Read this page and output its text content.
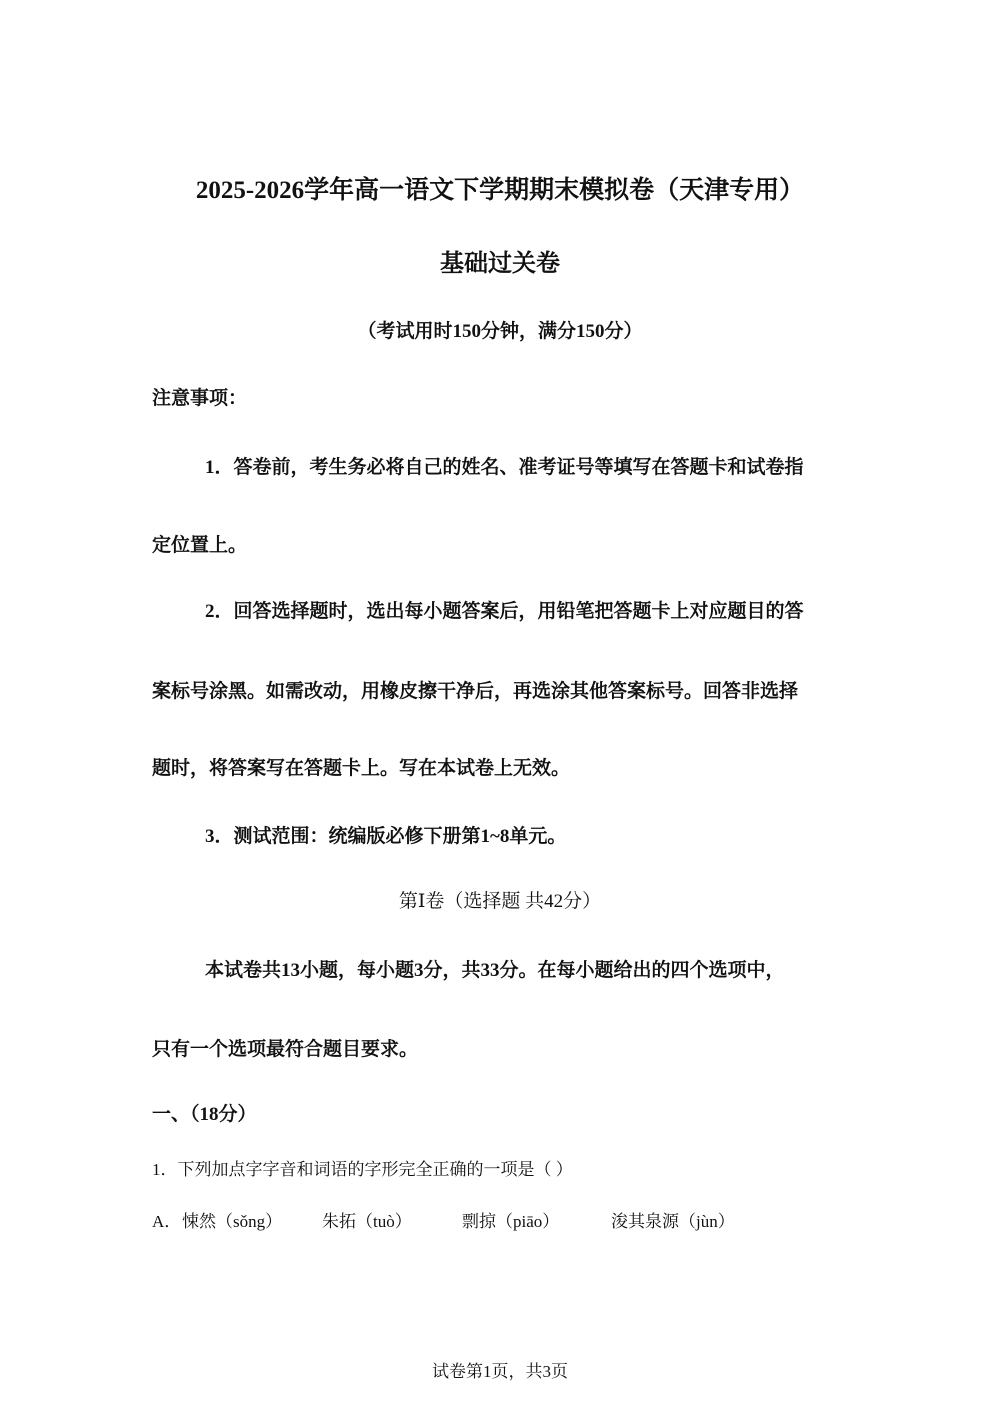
2025-2026学年高一语文下学期期末模拟卷（天津专用）
基础过关卷
（考试用时150分钟，满分150分）
注意事项：
1．答卷前，考生务必将自己的姓名、准考证号等填写在答题卡和试卷指
定位置上。
2．回答选择题时，选出每小题答案后，用铅笔把答题卡上对应题目的答
案标号涂黑。如需改动，用橡皮擦干净后，再选涂其他答案标号。回答非选择
题时，将答案写在答题卡上。写在本试卷上无效。
3．测试范围：统编版必修下册第1~8单元。
第Ⅰ卷（选择题 共42分）
本试卷共13小题，每小题3分，共33分。在每小题给出的四个选项中，
只有一个选项最符合题目要求。
一、（18分）
1．下列加点字字音和词语的字形完全正确的一项是（ ）
A． 悚然（sǒng） 朱拓（tuò）	剽掠（piāo）	浚其泉源（jùn）
试卷第1页，共3页
